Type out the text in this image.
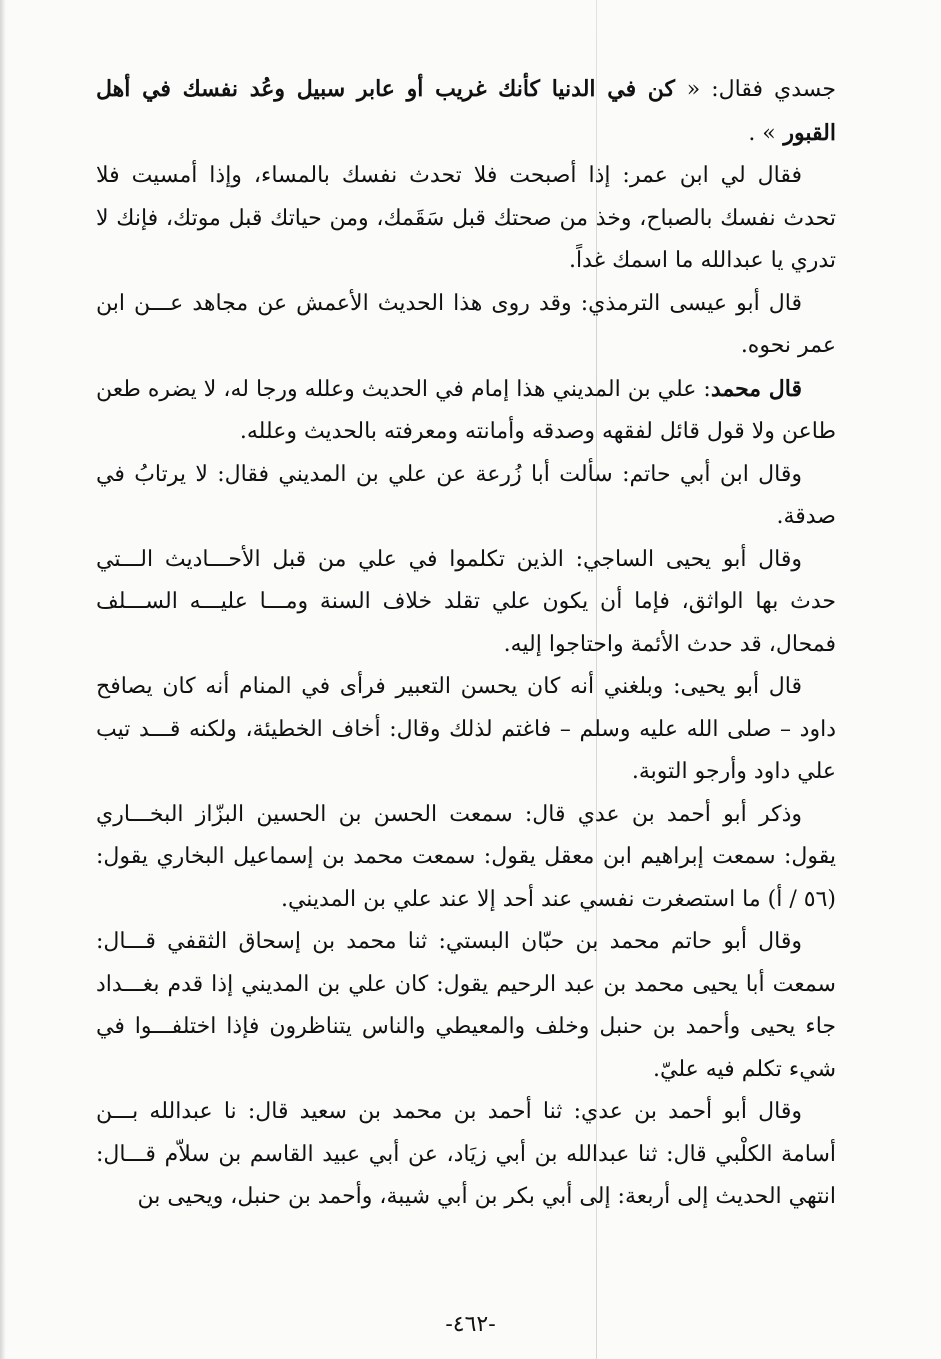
جسدي فقال: « كن في الدنيا كأنك غريب أو عابر سبيل وعُد نفسك في أهل القبور » .

فقال لي ابن عمر: إذا أصبحت فلا تحدث نفسك بالمساء، وإذا أمسيت فلا تحدث نفسك بالصباح، وخذ من صحتك قبل سَقَمك، ومن حياتك قبل موتك، فإنك لا تدري يا عبدالله ما اسمك غداً.

قال أبو عيسى الترمذي: وقد روى هذا الحديث الأعمش عن مجاهد عـــن ابن عمر نحوه.

قال محمد: علي بن المديني هذا إمام في الحديث وعلله ورجا له، لا يضره طعن طاعن ولا قول قائل لفقهه وصدقه وأمانته ومعرفته بالحديث وعلله.

وقال ابن أبي حاتم: سألت أبا زُرعة عن علي بن المديني فقال: لا يرتابُ في صدقة.

وقال أبو يحيى الساجي: الذين تكلموا في علي من قبل الأحـــاديث الـــتي حدث بها الواثق، فإما أن يكون علي تقلد خلاف السنة ومـــا عليـــه الســـلف فمحال، قد حدث الأئمة واحتاجوا إليه.

قال أبو يحيى: وبلغني أنه كان يحسن التعبير فرأى في المنام أنه كان يصافح داود – صلى الله عليه وسلم – فاغتم لذلك وقال: أخاف الخطيئة، ولكنه قـــد تيب علي داود وأرجو التوبة.

وذكر أبو أحمد بن عدي قال: سمعت الحسن بن الحسين البزّاز البخـــاري يقول: سمعت إبراهيم ابن معقل يقول: سمعت محمد بن إسماعيل البخاري يقول: (٥٦ / أ) ما استصغرت نفسي عند أحد إلا عند علي بن المديني.

وقال أبو حاتم محمد بن حبّان البستي: ثنا محمد بن إسحاق الثقفي قـــال: سمعت أبا يحيى محمد بن عبد الرحيم يقول: كان علي بن المديني إذا قدم بغـــداد جاء يحيى وأحمد بن حنبل وخلف والمعيطي والناس يتناظرون فإذا اختلفـــوا في شيء تكلم فيه عليّ.

وقال أبو أحمد بن عدي: ثنا أحمد بن محمد بن سعيد قال: نا عبدالله بـــن أسامة الكلْبي قال: ثنا عبدالله بن أبي زيَاد، عن أبي عبيد القاسم بن سلاّم قـــال: انتهي الحديث إلى أربعة: إلى أبي بكر بن أبي شيبة، وأحمد بن حنبل، ويحيى بن

-٤٦٢-
